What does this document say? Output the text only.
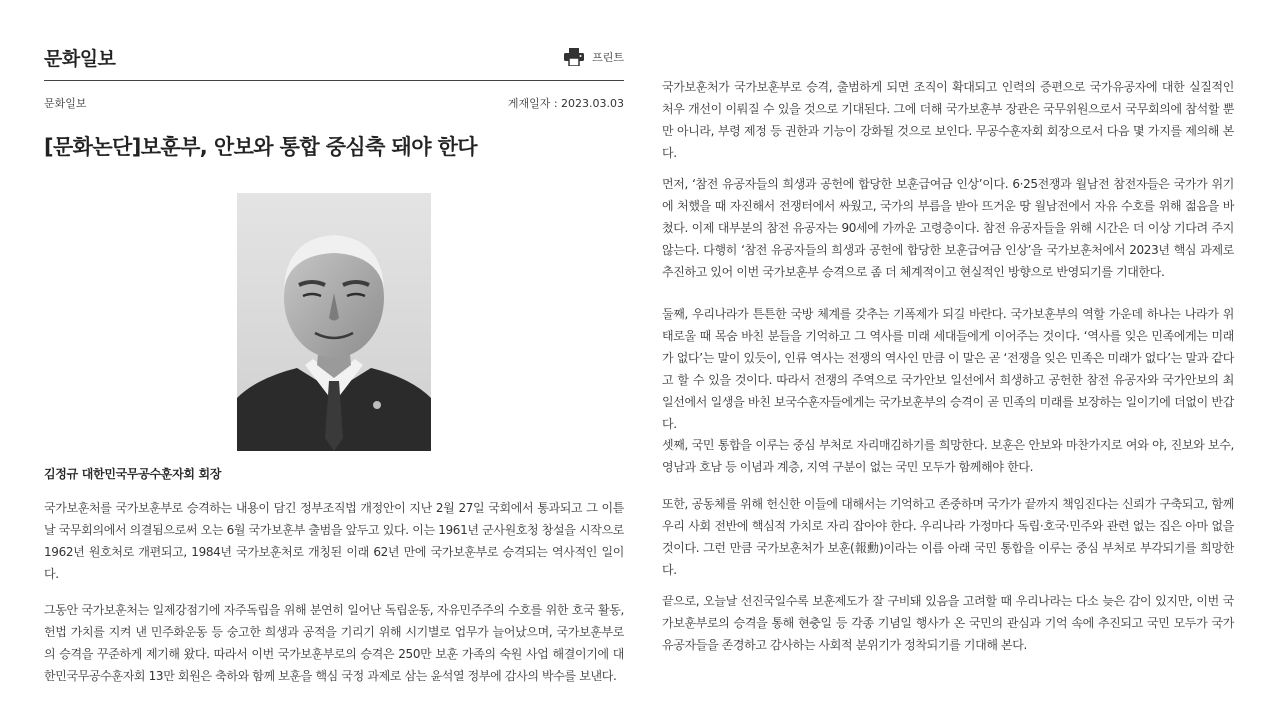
문화일보	프린트
문화일보	게재일자 : 2023.03.03
[문화논단]보훈부, 안보와 통합 중심축 돼야 한다
김정규 대한민국무공수훈자회 회장

국가보훈처를 국가보훈부로 승격하는 내용이 담긴 정부조직법 개정안이 지난 2월 27일 국회에서 통과되고 그 이튿날 국무회의에서 의결됨으로써 오는 6월 국가보훈부 출범을 앞두고 있다. 이는 1961년 군사원호청 창설을 시작으로 1962년 원호처로 개편되고, 1984년 국가보훈처로 개칭된 이래 62년 만에 국가보훈부로 승격되는 역사적인 일이다.

그동안 국가보훈처는 일제강점기에 자주독립을 위해 분연히 일어난 독립운동, 자유민주주의 수호를 위한 호국 활동, 헌법 가치를 지켜 낸 민주화운동 등 숭고한 희생과 공적을 기리기 위해 시기별로 업무가 늘어났으며, 국가보훈부로의 승격을 꾸준하게 제기해 왔다. 따라서 이번 국가보훈부로의 승격은 250만 보훈 가족의 숙원 사업 해결이기에 대한민국무공수훈자회 13만 회원은 축하와 함께 보훈을 핵심 국정 과제로 삼는 윤석열 정부에 감사의 박수를 보낸다.

국가보훈처가 국가보훈부로 승격, 출범하게 되면 조직이 확대되고 인력의 증편으로 국가유공자에 대한 실질적인 처우 개선이 이뤄질 수 있을 것으로 기대된다. 그에 더해 국가보훈부 장관은 국무위원으로서 국무회의에 참석할 뿐만 아니라, 부령 제정 등 권한과 기능이 강화될 것으로 보인다. 무공수훈자회 회장으로서 다음 몇 가지를 제의해 본다.

먼저, ‘참전 유공자들의 희생과 공헌에 합당한 보훈급여금 인상’이다. 6·25전쟁과 월남전 참전자들은 국가가 위기에 처했을 때 자진해서 전쟁터에서 싸웠고, 국가의 부름을 받아 뜨거운 땅 월남전에서 자유 수호를 위해 젊음을 바쳤다. 이제 대부분의 참전 유공자는 90세에 가까운 고령층이다. 참전 유공자들을 위해 시간은 더 이상 기다려 주지 않는다. 다행히 ‘참전 유공자들의 희생과 공헌에 합당한 보훈급여금 인상’을 국가보훈처에서 2023년 핵심 과제로 추진하고 있어 이번 국가보훈부 승격으로 좀 더 체계적이고 현실적인 방향으로 반영되기를 기대한다.

둘째, 우리나라가 튼튼한 국방 체계를 갖추는 기폭제가 되길 바란다. 국가보훈부의 역할 가운데 하나는 나라가 위태로울 때 목숨 바친 분들을 기억하고 그 역사를 미래 세대들에게 이어주는 것이다. ‘역사를 잊은 민족에게는 미래가 없다’는 말이 있듯이, 인류 역사는 전쟁의 역사인 만큼 이 말은 곧 ‘전쟁을 잊은 민족은 미래가 없다’는 말과 같다고 할 수 있을 것이다. 따라서 전쟁의 주역으로 국가안보 일선에서 희생하고 공헌한 참전 유공자와 국가안보의 최일선에서 일생을 바친 보국수훈자들에게는 국가보훈부의 승격이 곧 민족의 미래를 보장하는 일이기에 더없이 반갑다.

셋째, 국민 통합을 이루는 중심 부처로 자리매김하기를 희망한다. 보훈은 안보와 마찬가지로 여와 야, 진보와 보수, 영남과 호남 등 이념과 계층, 지역 구분이 없는 국민 모두가 함께해야 한다.

또한, 공동체를 위해 헌신한 이들에 대해서는 기억하고 존중하며 국가가 끝까지 책임진다는 신뢰가 구축되고, 함께 우리 사회 전반에 핵심적 가치로 자리 잡아야 한다. 우리나라 가정마다 독립·호국·민주와 관련 없는 집은 아마 없을 것이다. 그런 만큼 국가보훈처가 보훈(報勳)이라는 이름 아래 국민 통합을 이루는 중심 부처로 부각되기를 희망한다.

끝으로, 오늘날 선진국일수록 보훈제도가 잘 구비돼 있음을 고려할 때 우리나라는 다소 늦은 감이 있지만, 이번 국가보훈부로의 승격을 통해 현충일 등 각종 기념일 행사가 온 국민의 관심과 기억 속에 추진되고 국민 모두가 국가유공자들을 존경하고 감사하는 사회적 분위기가 정착되기를 기대해 본다.
